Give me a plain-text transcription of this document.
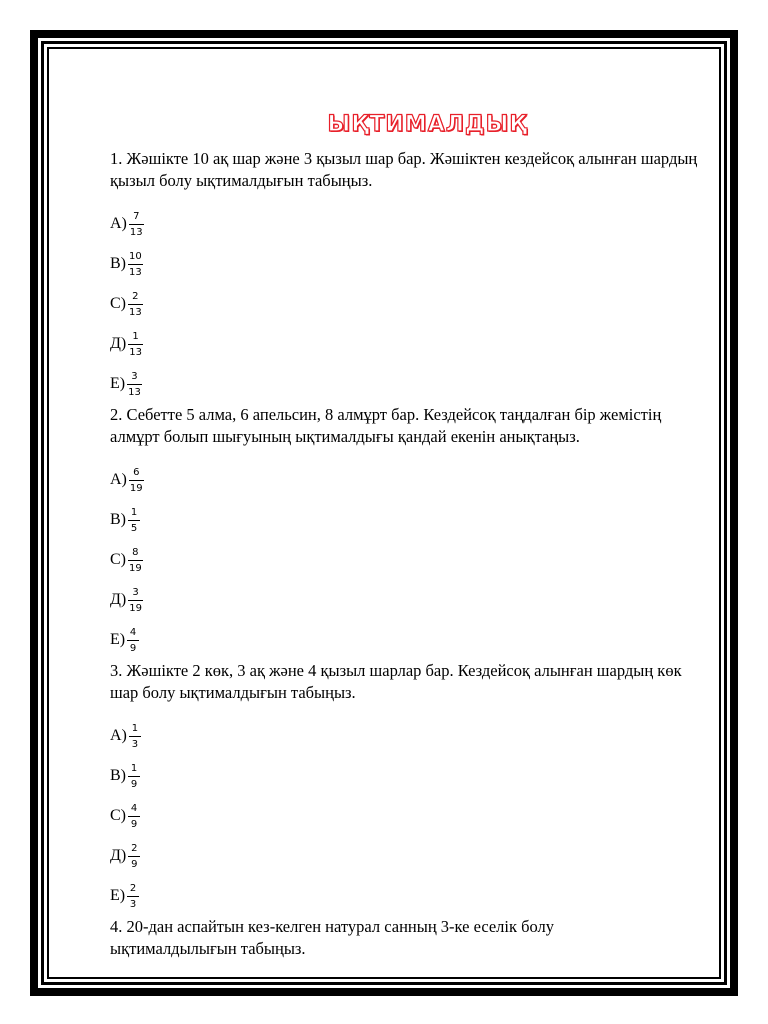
ЫҚТИМАЛДЫҚ

1. Жәшікте 10 ақ шар және 3 қызыл шар бар. Жәшіктен кездейсоқ алынған шардың қызыл болу ықтималдығын табыңыз.

$A) \frac{7}{13}$
$B) \frac{10}{13}$
$C) \frac{2}{13}$
$Д) \frac{1}{13}$
$E) \frac{3}{13}$

2. Себетте 5 алма, 6 апельсин, 8 алмұрт бар. Кездейсоқ таңдалған бір жемістің алмұрт болып шығуының ықтималдығы қандай екенін анықтаңыз.

$A) \frac{6}{19}$
$B) \frac{1}{5}$
$C) \frac{8}{19}$
$Д) \frac{3}{19}$
$E) \frac{4}{9}$

3. Жәшікте 2 көк, 3 ақ және 4 қызыл шарлар бар. Кездейсоқ алынған шардың көк шар болу ықтималдығын табыңыз.

$A) \frac{1}{3}$
$B) \frac{1}{9}$
$C) \frac{4}{9}$
$Д) \frac{2}{9}$
$E) \frac{2}{3}$

4. 20-дан аспайтын кез-келген натурал санның 3-ке еселік болу ықтималдылығын табыңыз.
